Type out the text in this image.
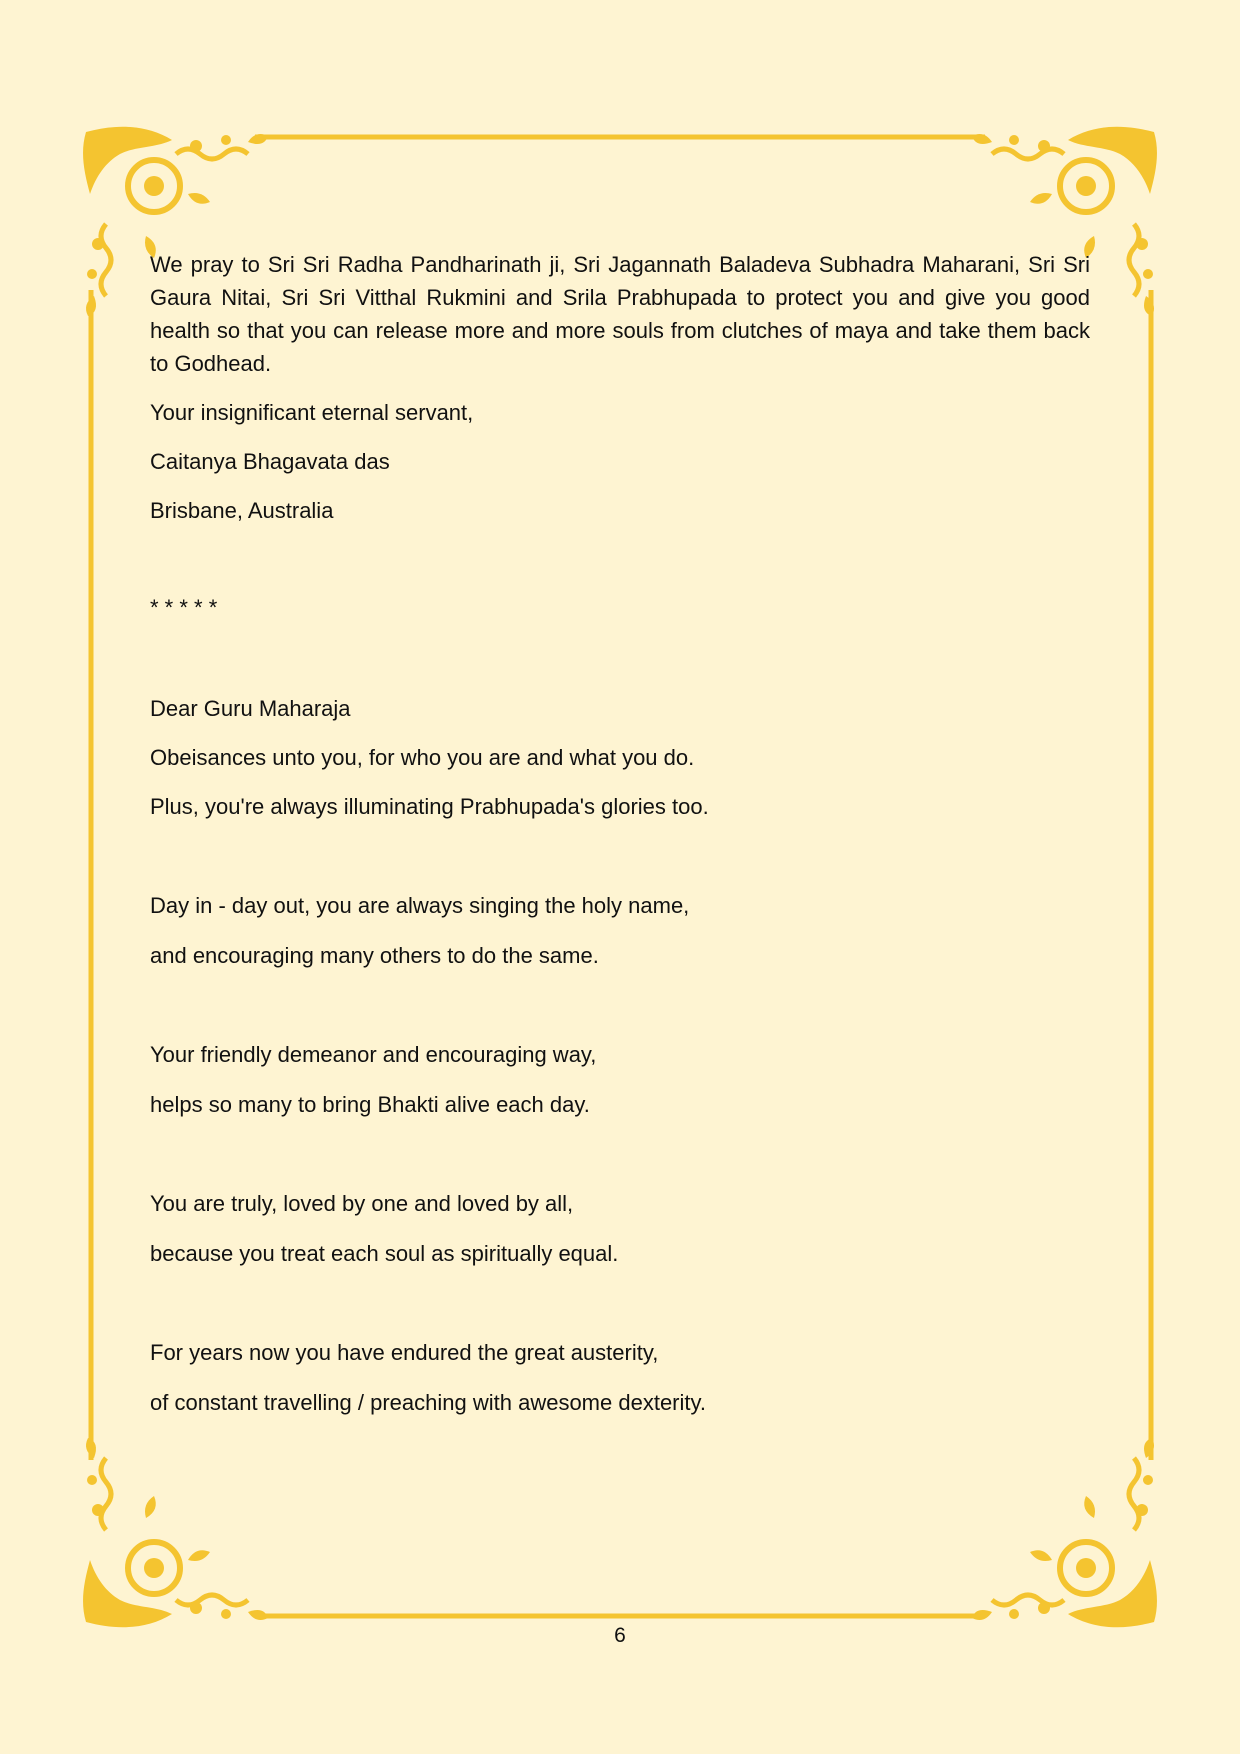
We pray to Sri Sri Radha Pandharinath ji, Sri Jagannath Baladeva Subhadra Maharani, Sri Sri Gaura Nitai, Sri Sri Vitthal Rukmini and Srila Prabhupada to protect you and give you good health so that you can release more and more souls from clutches of maya and take them back to Godhead.

Your insignificant eternal servant,

Caitanya Bhagavata das

Brisbane, Australia

* * * * *

Dear Guru Maharaja

Obeisances unto you, for who you are and what you do.

Plus, you're always illuminating Prabhupada's glories too.

Day in - day out, you are always singing the holy name,

and encouraging many others to do the same.

Your friendly demeanor and encouraging way,

helps so many to bring Bhakti alive each day.

You are truly, loved by one and loved by all,

because you treat each soul as spiritually equal.

For years now you have endured the great austerity,

of constant travelling / preaching with awesome dexterity.

6
